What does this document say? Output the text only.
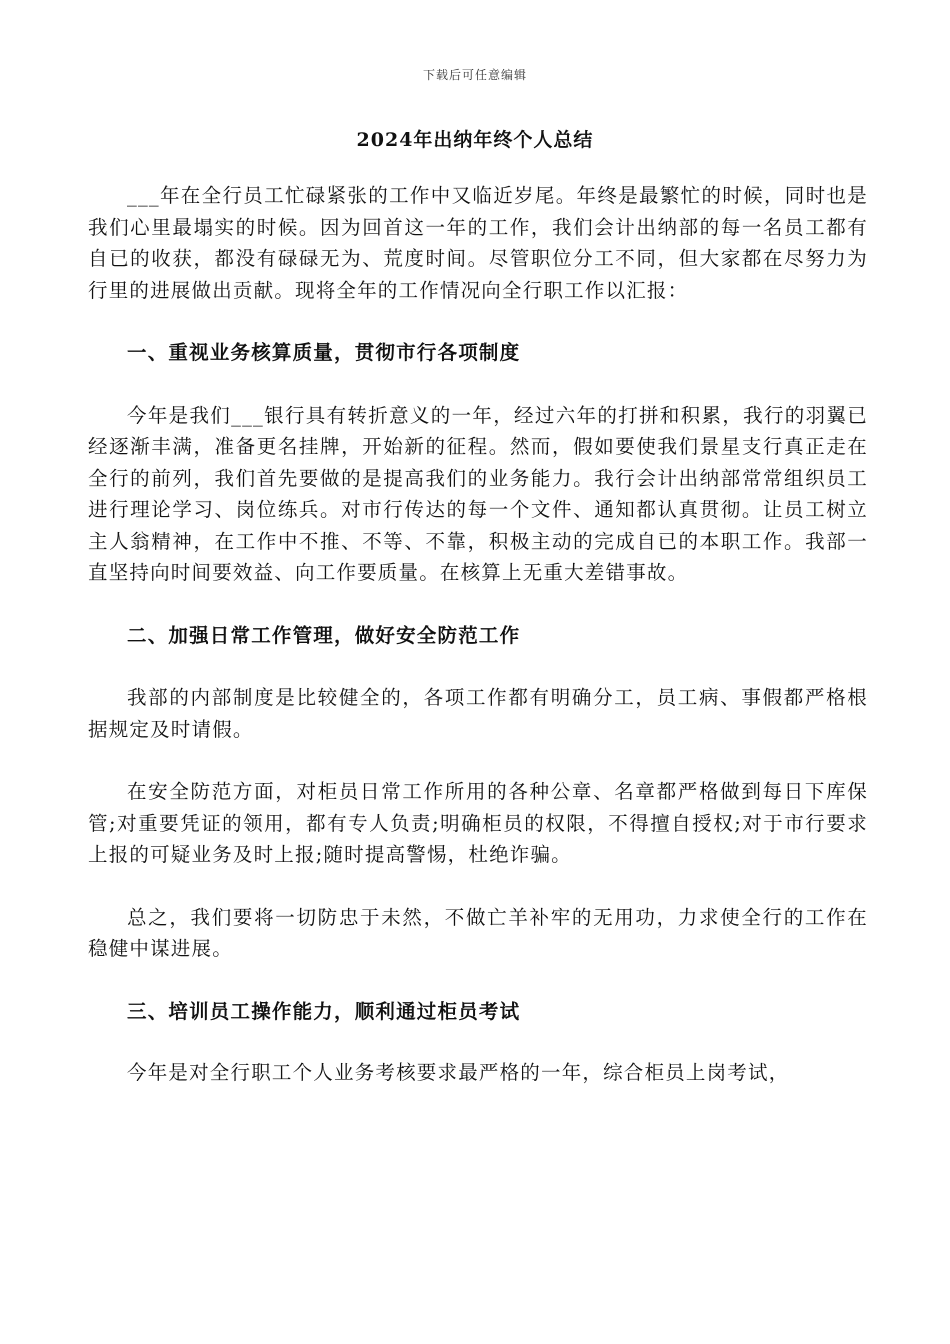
下载后可任意编辑
2024年出纳年终个人总结

___年在全行员工忙碌紧张的工作中又临近岁尾。年终是最繁忙的时候，同时也是我们心里最塌实的时候。因为回首这一年的工作，我们会计出纳部的每一名员工都有自已的收获，都没有碌碌无为、荒度时间。尽管职位分工不同，但大家都在尽努力为行里的进展做出贡献。现将全年的工作情况向全行职工作以汇报：

一、重视业务核算质量，贯彻市行各项制度

今年是我们___银行具有转折意义的一年，经过六年的打拼和积累，我行的羽翼已经逐渐丰满，准备更名挂牌，开始新的征程。然而，假如要使我们景星支行真正走在全行的前列，我们首先要做的是提高我们的业务能力。我行会计出纳部常常组织员工进行理论学习、岗位练兵。对市行传达的每一个文件、通知都认真贯彻。让员工树立主人翁精神，在工作中不推、不等、不靠，积极主动的完成自已的本职工作。我部一直坚持向时间要效益、向工作要质量。在核算上无重大差错事故。

二、加强日常工作管理，做好安全防范工作

我部的内部制度是比较健全的，各项工作都有明确分工，员工病、事假都严格根据规定及时请假。

在安全防范方面，对柜员日常工作所用的各种公章、名章都严格做到每日下库保管;对重要凭证的领用，都有专人负责;明确柜员的权限，不得擅自授权;对于市行要求上报的可疑业务及时上报;随时提高警惕，杜绝诈骗。

总之，我们要将一切防忠于未然，不做亡羊补牢的无用功，力求使全行的工作在稳健中谋进展。

三、培训员工操作能力，顺利通过柜员考试

今年是对全行职工个人业务考核要求最严格的一年，综合柜员上岗考试，
